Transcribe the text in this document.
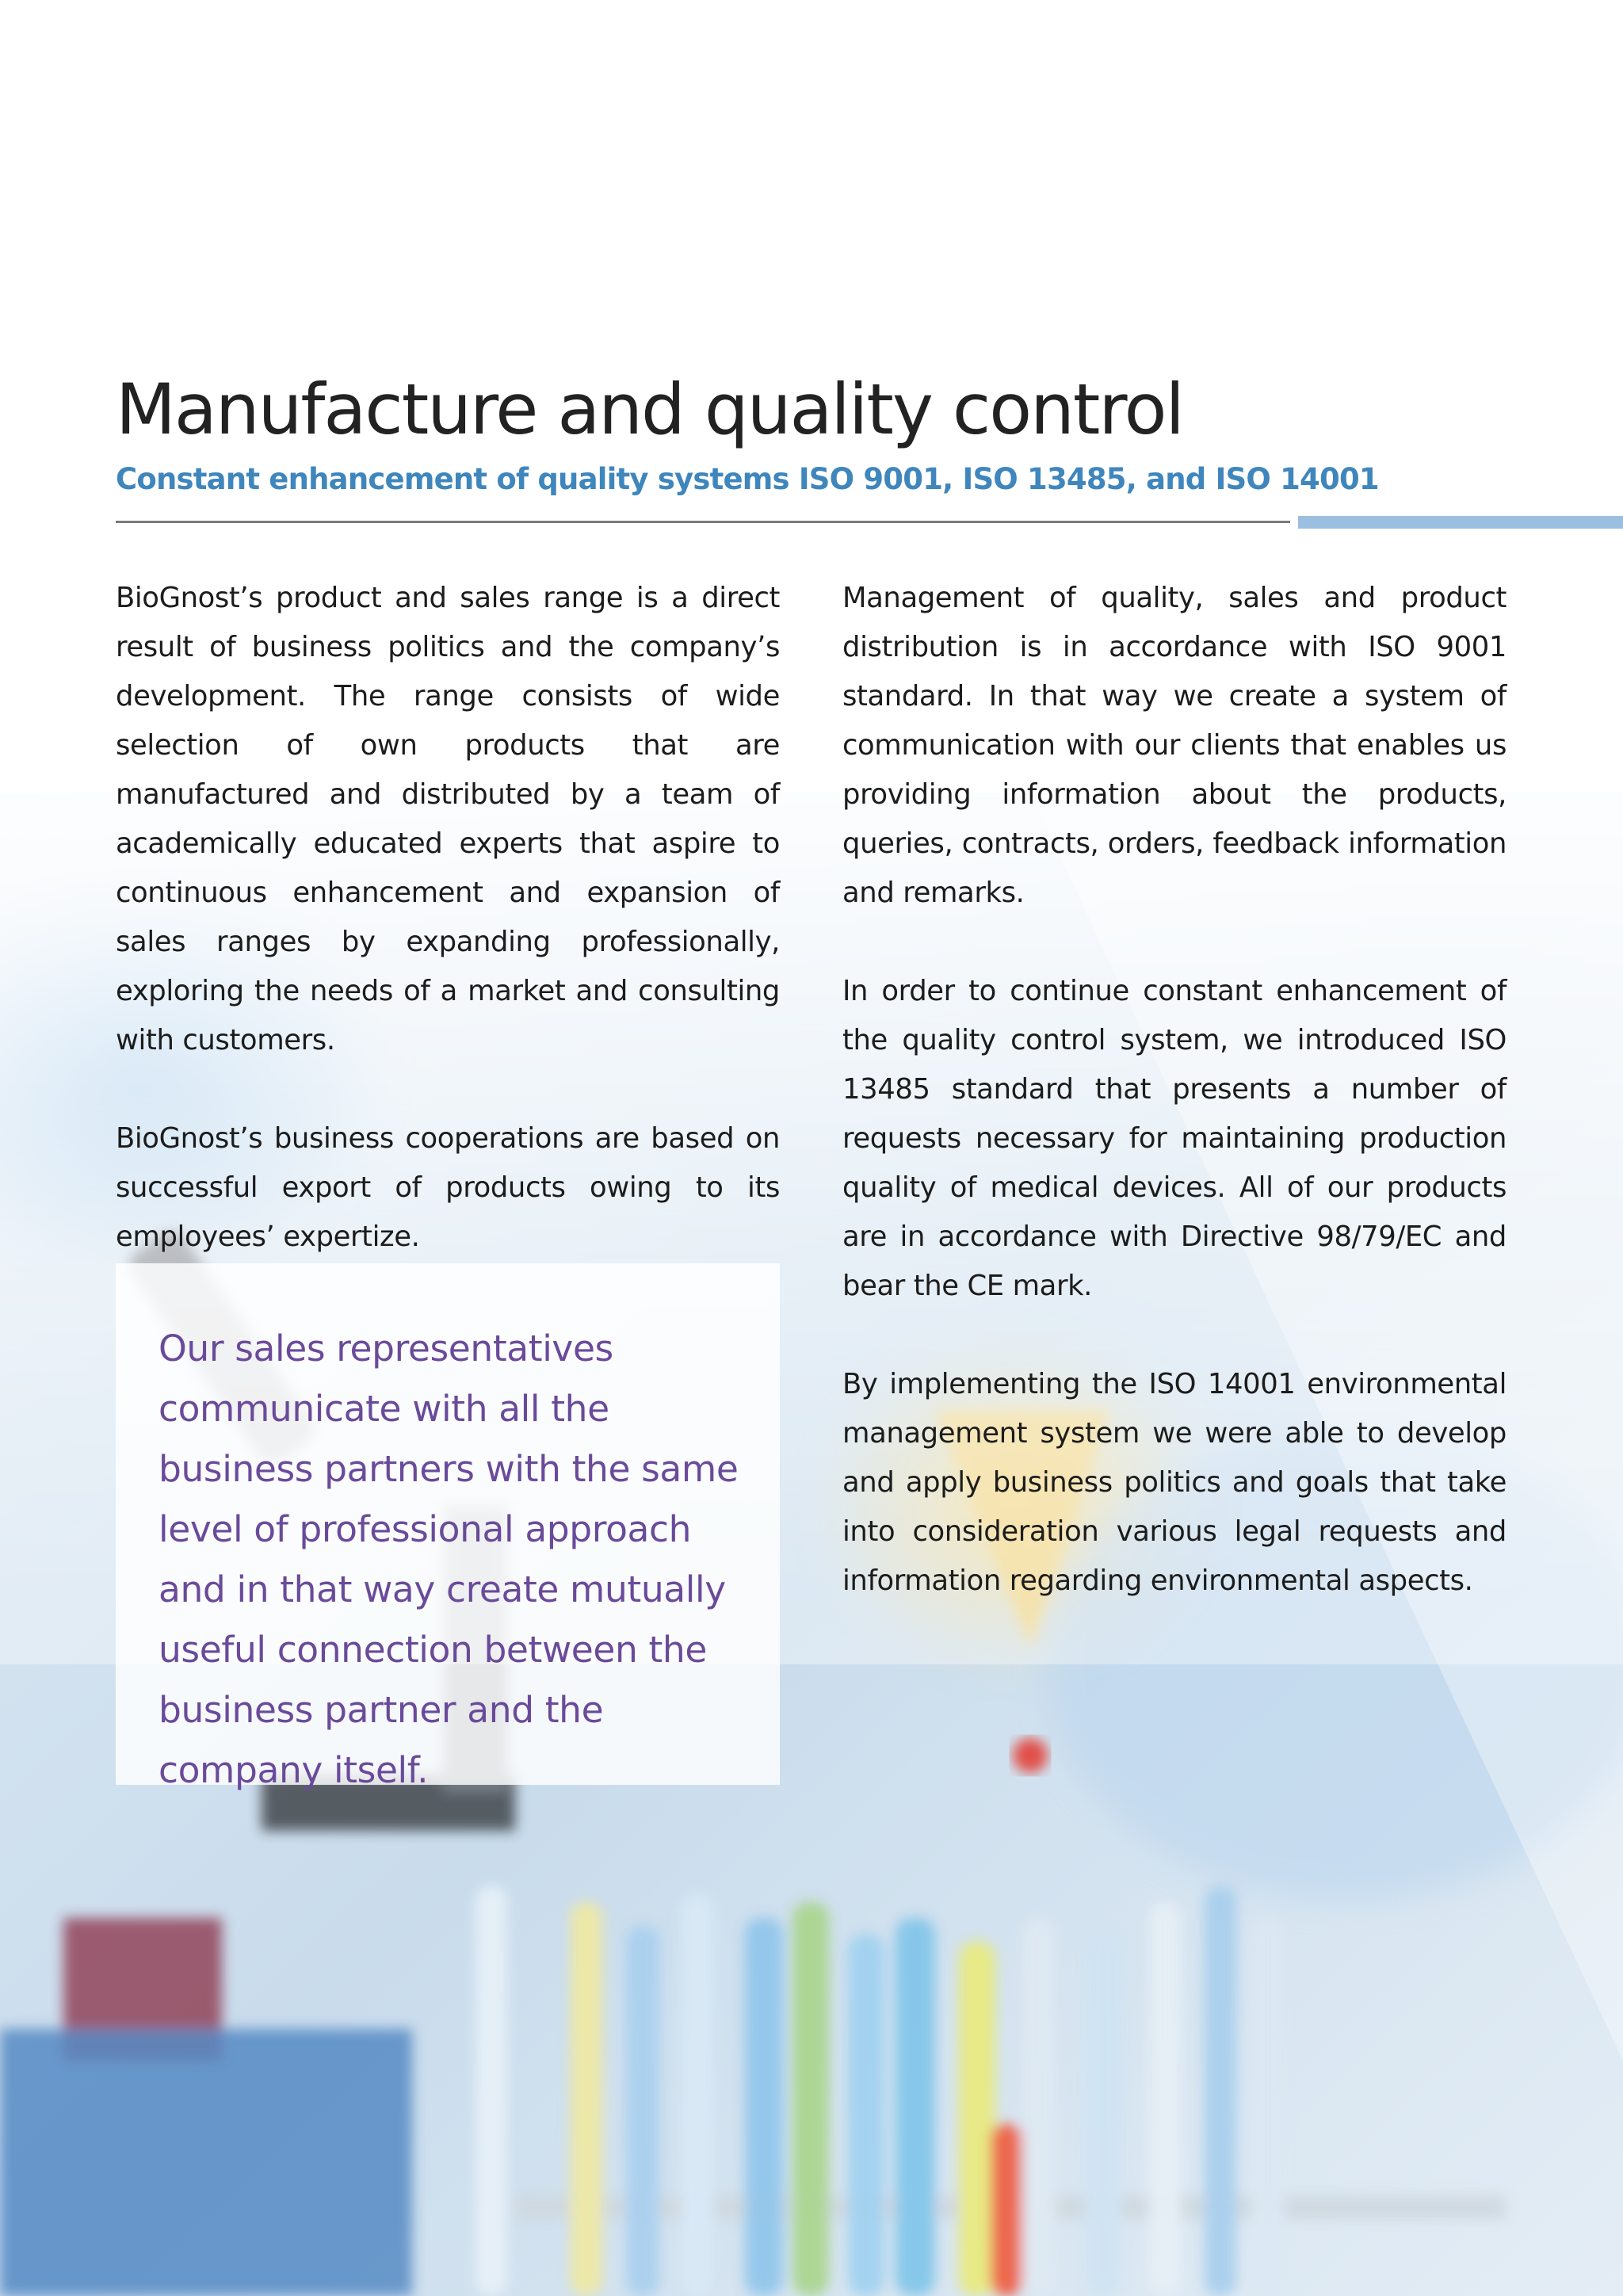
Manufacture and quality control
Constant enhancement of quality systems ISO 9001, ISO 13485, and ISO 14001

BioGnost’s product and sales range is a direct result of business politics and the company’s development. The range consists of wide selection of own products that are manufactured and distributed by a team of academically educated experts that aspire to continuous enhancement and expansion of sales ranges by expanding professionally, exploring the needs of a market and consulting with customers.

BioGnost’s business cooperations are based on successful export of products owing to its employees’ expertize.

Our sales representatives communicate with all the business partners with the same level of professional approach and in that way create mutually useful connection between the business partner and the company itself.

Management of quality, sales and product distribution is in accordance with ISO 9001 standard. In that way we create a system of communication with our clients that enables us providing information about the products, queries, contracts, orders, feedback information and remarks.

In order to continue constant enhancement of the quality control system, we introduced ISO 13485 standard that presents a number of requests necessary for maintaining production quality of medical devices. All of our products are in accordance with Directive 98/79/EC and bear the CE mark.

By implementing the ISO 14001 environmental management system we were able to develop and apply business politics and goals that take into consideration various legal requests and information regarding environmental aspects.
